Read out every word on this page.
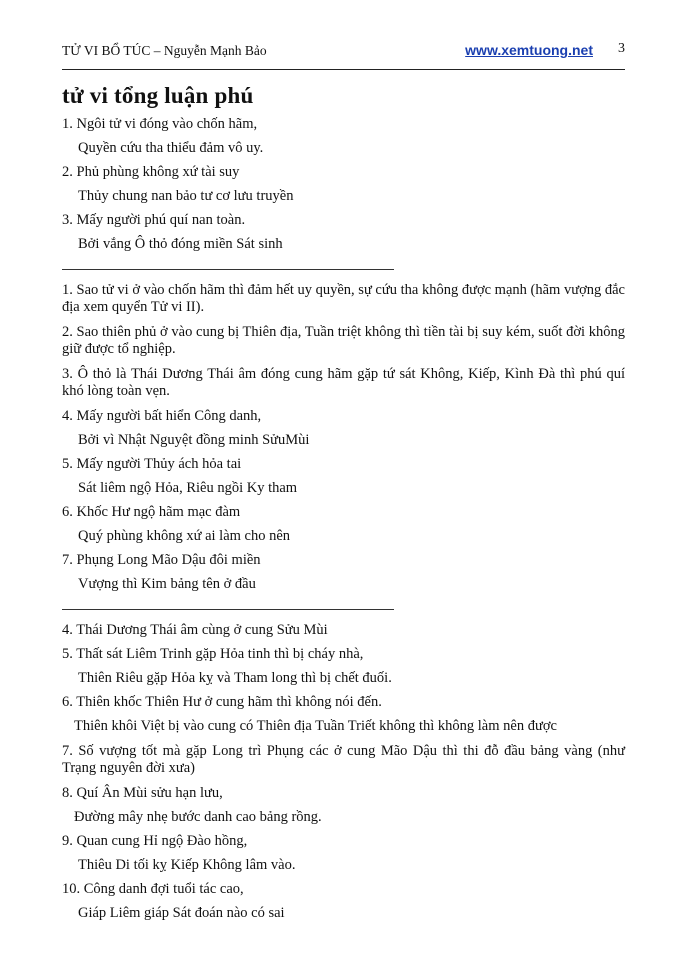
TỬ VI BỔ TÚC – Nguyễn Mạnh Bảo	www.xemtuong.net 3
tử vi tổng luận phú
1. Ngôi tử vi đóng vào chốn hãm,
Quyền cứu tha thiểu đảm vô uy.
2. Phủ phùng không xứ tài suy
Thủy chung nan bảo tư cơ lưu truyền
3. Mấy người phú quí nan toàn.
Bởi vắng Ô thỏ đóng miền Sát sinh
1. Sao tử vi ở vào chốn hãm thì đảm hết uy quyền, sự cứu tha không được mạnh (hãm vượng đắc địa xem quyển Tử vi II).
2. Sao thiên phủ ở vào cung bị Thiên địa, Tuần triệt không thì tiền tài bị suy kém, suốt đời không giữ được tổ nghiệp.
3. Ô thỏ là Thái Dương Thái âm đóng cung hãm gặp tứ sát Không, Kiếp, Kình Đà thì phú quí khó lòng toàn vẹn.
4. Mấy người bất hiển Công danh,
Bởi vì Nhật Nguyệt đồng minh SửuMùi
5. Mấy người Thủy ách hỏa tai
Sát liêm ngộ Hỏa, Riêu ngồi Ky tham
6. Khốc Hư ngộ hãm mạc đàm
Quý phùng không xứ ai làm cho nên
7. Phụng Long Mão Dậu đôi miền
Vượng thì Kim bảng tên ở đầu
4. Thái Dương Thái âm cùng ở cung Sửu Mùi
5. Thất sát Liêm Trinh gặp Hỏa tinh thì bị cháy nhà,
Thiên Riêu gặp Hỏa kỵ và Tham long thì bị chết đuối.
6. Thiên khốc Thiên Hư ở cung hãm thì không nói đến.
Thiên khôi Việt bị vào cung có Thiên địa Tuần Triết không thì không làm nên được
7. Số vượng tốt mà gặp Long trì Phụng các ở cung Mão Dậu thì thi đỗ đầu bảng vàng (như Trạng nguyên đời xưa)
8. Quí Ân Mùi sửu hạn lưu,
Đường mây nhẹ bước danh cao bảng rồng.
9. Quan cung Hỉ ngộ Đào hồng,
Thiêu Di tối kỵ Kiếp Không lâm vào.
10. Công danh đợi tuổi tác cao,
Giáp Liêm giáp Sát đoán nào có sai
